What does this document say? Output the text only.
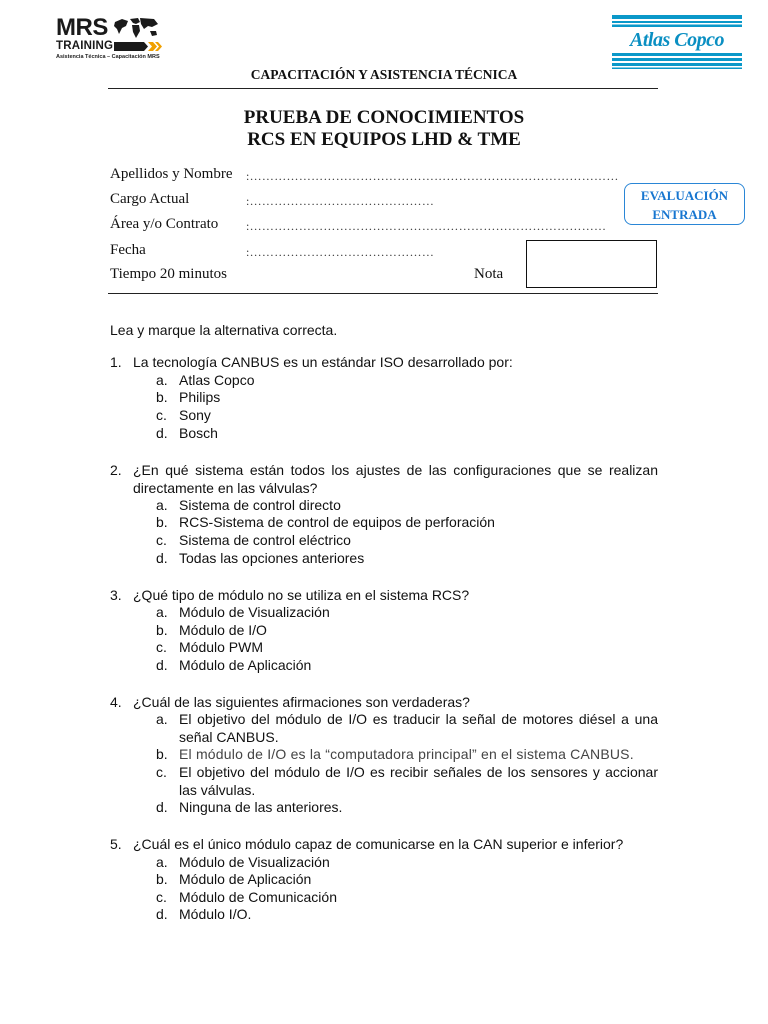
MRS
TRAINING
Asistencia Técnica – Capacitación MRS
Atlas Copco
CAPACITACIÓN Y ASISTENCIA TÉCNICA
PRUEBA DE CONOCIMIENTOS
RCS EN EQUIPOS LHD & TME
Apellidos y Nombre :………………………………………………………………………………
Cargo Actual	:………………………………………
Área y/o Contrato :……………………………………………………………………………
Fecha	:………………………………………
Tiempo 20 minutos	Nota
EVALUACIÓN
ENTRADA
Lea y marque la alternativa correcta.
1. La tecnología CANBUS es un estándar ISO desarrollado por:
a. Atlas Copco
b. Philips
c. Sony
d. Bosch
2. ¿En qué sistema están todos los ajustes de las configuraciones que se realizan directamente en las válvulas?
a. Sistema de control directo
b. RCS-Sistema de control de equipos de perforación
c. Sistema de control eléctrico
d. Todas las opciones anteriores
3. ¿Qué tipo de módulo no se utiliza en el sistema RCS?
a. Módulo de Visualización
b. Módulo de I/O
c. Módulo PWM
d. Módulo de Aplicación
4. ¿Cuál de las siguientes afirmaciones son verdaderas?
a. El objetivo del módulo de I/O es traducir la señal de motores diésel a una señal CANBUS.
b. El módulo de I/O es la “computadora principal” en el sistema CANBUS.
c. El objetivo del módulo de I/O es recibir señales de los sensores y accionar las válvulas.
d. Ninguna de las anteriores.
5. ¿Cuál es el único módulo capaz de comunicarse en la CAN superior e inferior?
a. Módulo de Visualización
b. Módulo de Aplicación
c. Módulo de Comunicación
d. Módulo I/O.
